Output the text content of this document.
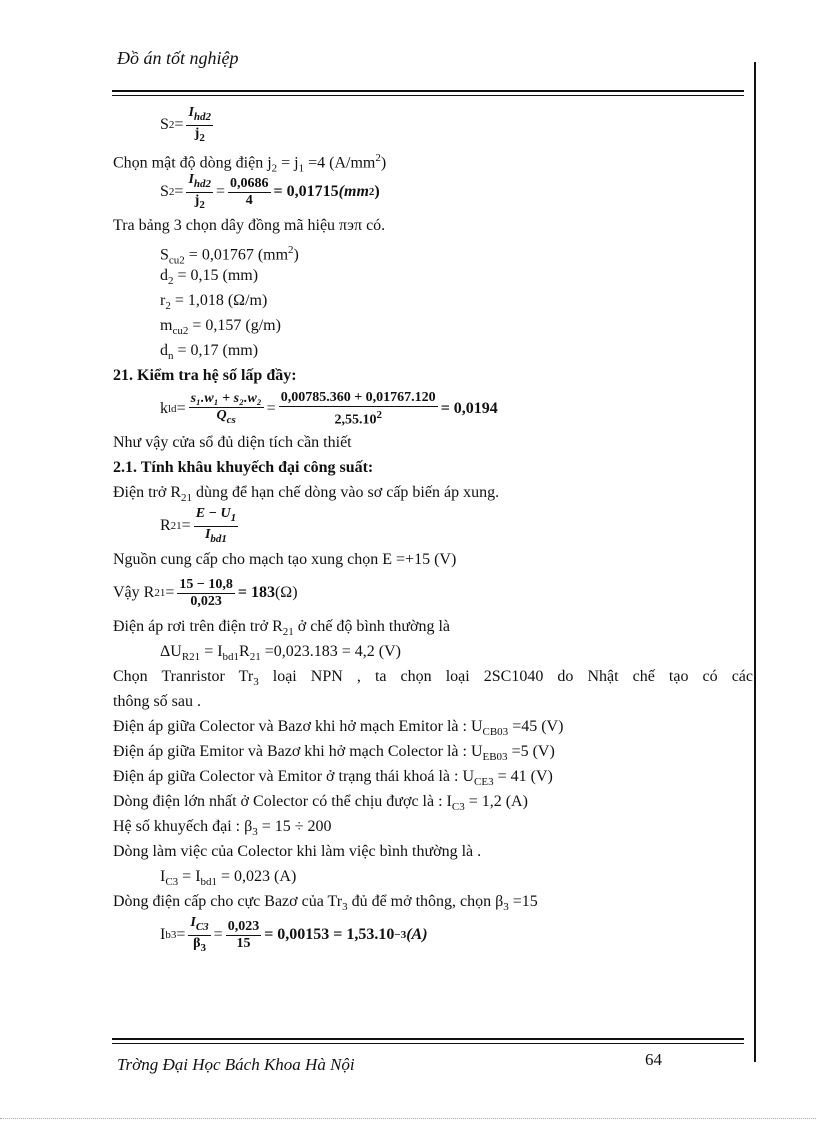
Đồ án tốt nghiệp
S $2 = \frac{I_{hd2}}{j_2}$
Chọn mật độ dòng điện $j_2 = j_1 =4$ $(A/mm^2)$
S $2 = \frac{I_{hd2}}{j_2} = \frac{0,0686}{4} = 0,01715$ (mm 2 )
Tra bảng 3 chọn dây đồng mã hiệu πэπ có.
$S_{cu2} = 0,01767$ $(mm^2)$
$d_2 = 0,15$ (mm)
$r_2 = 1,018$ (Ω/m)
$m_{cu2} = 0,157$ (g/m)
$d_n = 0,17$ (mm)
21. Kiểm tra hệ số lấp đầy:
k ld = $\frac{\text{s₁.w₁ + s₂.w₂}}{Q_{cs}} = \frac{0,00785.360 + 0,01767.120}{2,55.10^2} = 0,0194$
Như vậy cửa sổ đủ diện tích cần thiết
2.1. Tính khâu khuyếch đại công suất:
Điện trở $R_{21}$ dùng để hạn chế dòng vào sơ cấp biến áp xung.
R $21 = \frac{E - U_1}{I_{bd1}}$
Nguồn cung cấp cho mạch tạo xung chọn E =+15 (V)
Vậy R $21 = \frac{15 - 10,8}{0,023} = 183$ (Ω)
Điện áp rơi trên điện trở $R_{21}$ ở chế độ bình thường là
$\Delta U_{R21} = I_{bd1}R_{21} =0,023.183 = 4,2$ (V)
Chọn Tranristor $Tr_3$ loại NPN , ta chọn loại 2SC1040 do Nhật chế tạo có các
thông số sau .
Điện áp giữa Colector và Bazơ khi hở mạch Emitor là : $U_{CB03} =45$ (V)
Điện áp giữa Emitor và Bazơ khi hở mạch Colector là : $U_{EB03} =5$ (V)
Điện áp giữa Colector và Emitor ở trạng thái khoá là : $U_{CE3} = 41$ (V)
Dòng điện lớn nhất ở Colector có thể chịu được là : $I_{C3} = 1,2$ (A)
Hệ số khuyếch đại : $\beta_3 = 15 \div 200$
Dòng làm việc của Colector khi làm việc bình thường là .
$I_{C3} = I_{bd1} = 0,023$ (A)
Dòng điện cấp cho cực Bazơ của $Tr_3$ đủ để mở thông, chọn $\beta_3 =15$
I $b3 = \frac{I_{C3}}{\beta_3} = \frac{0,023}{15} = 0,00153 = 1,53.10 -3$ (A)
Trờng Đại Học Bách Khoa Hà Nội	64
